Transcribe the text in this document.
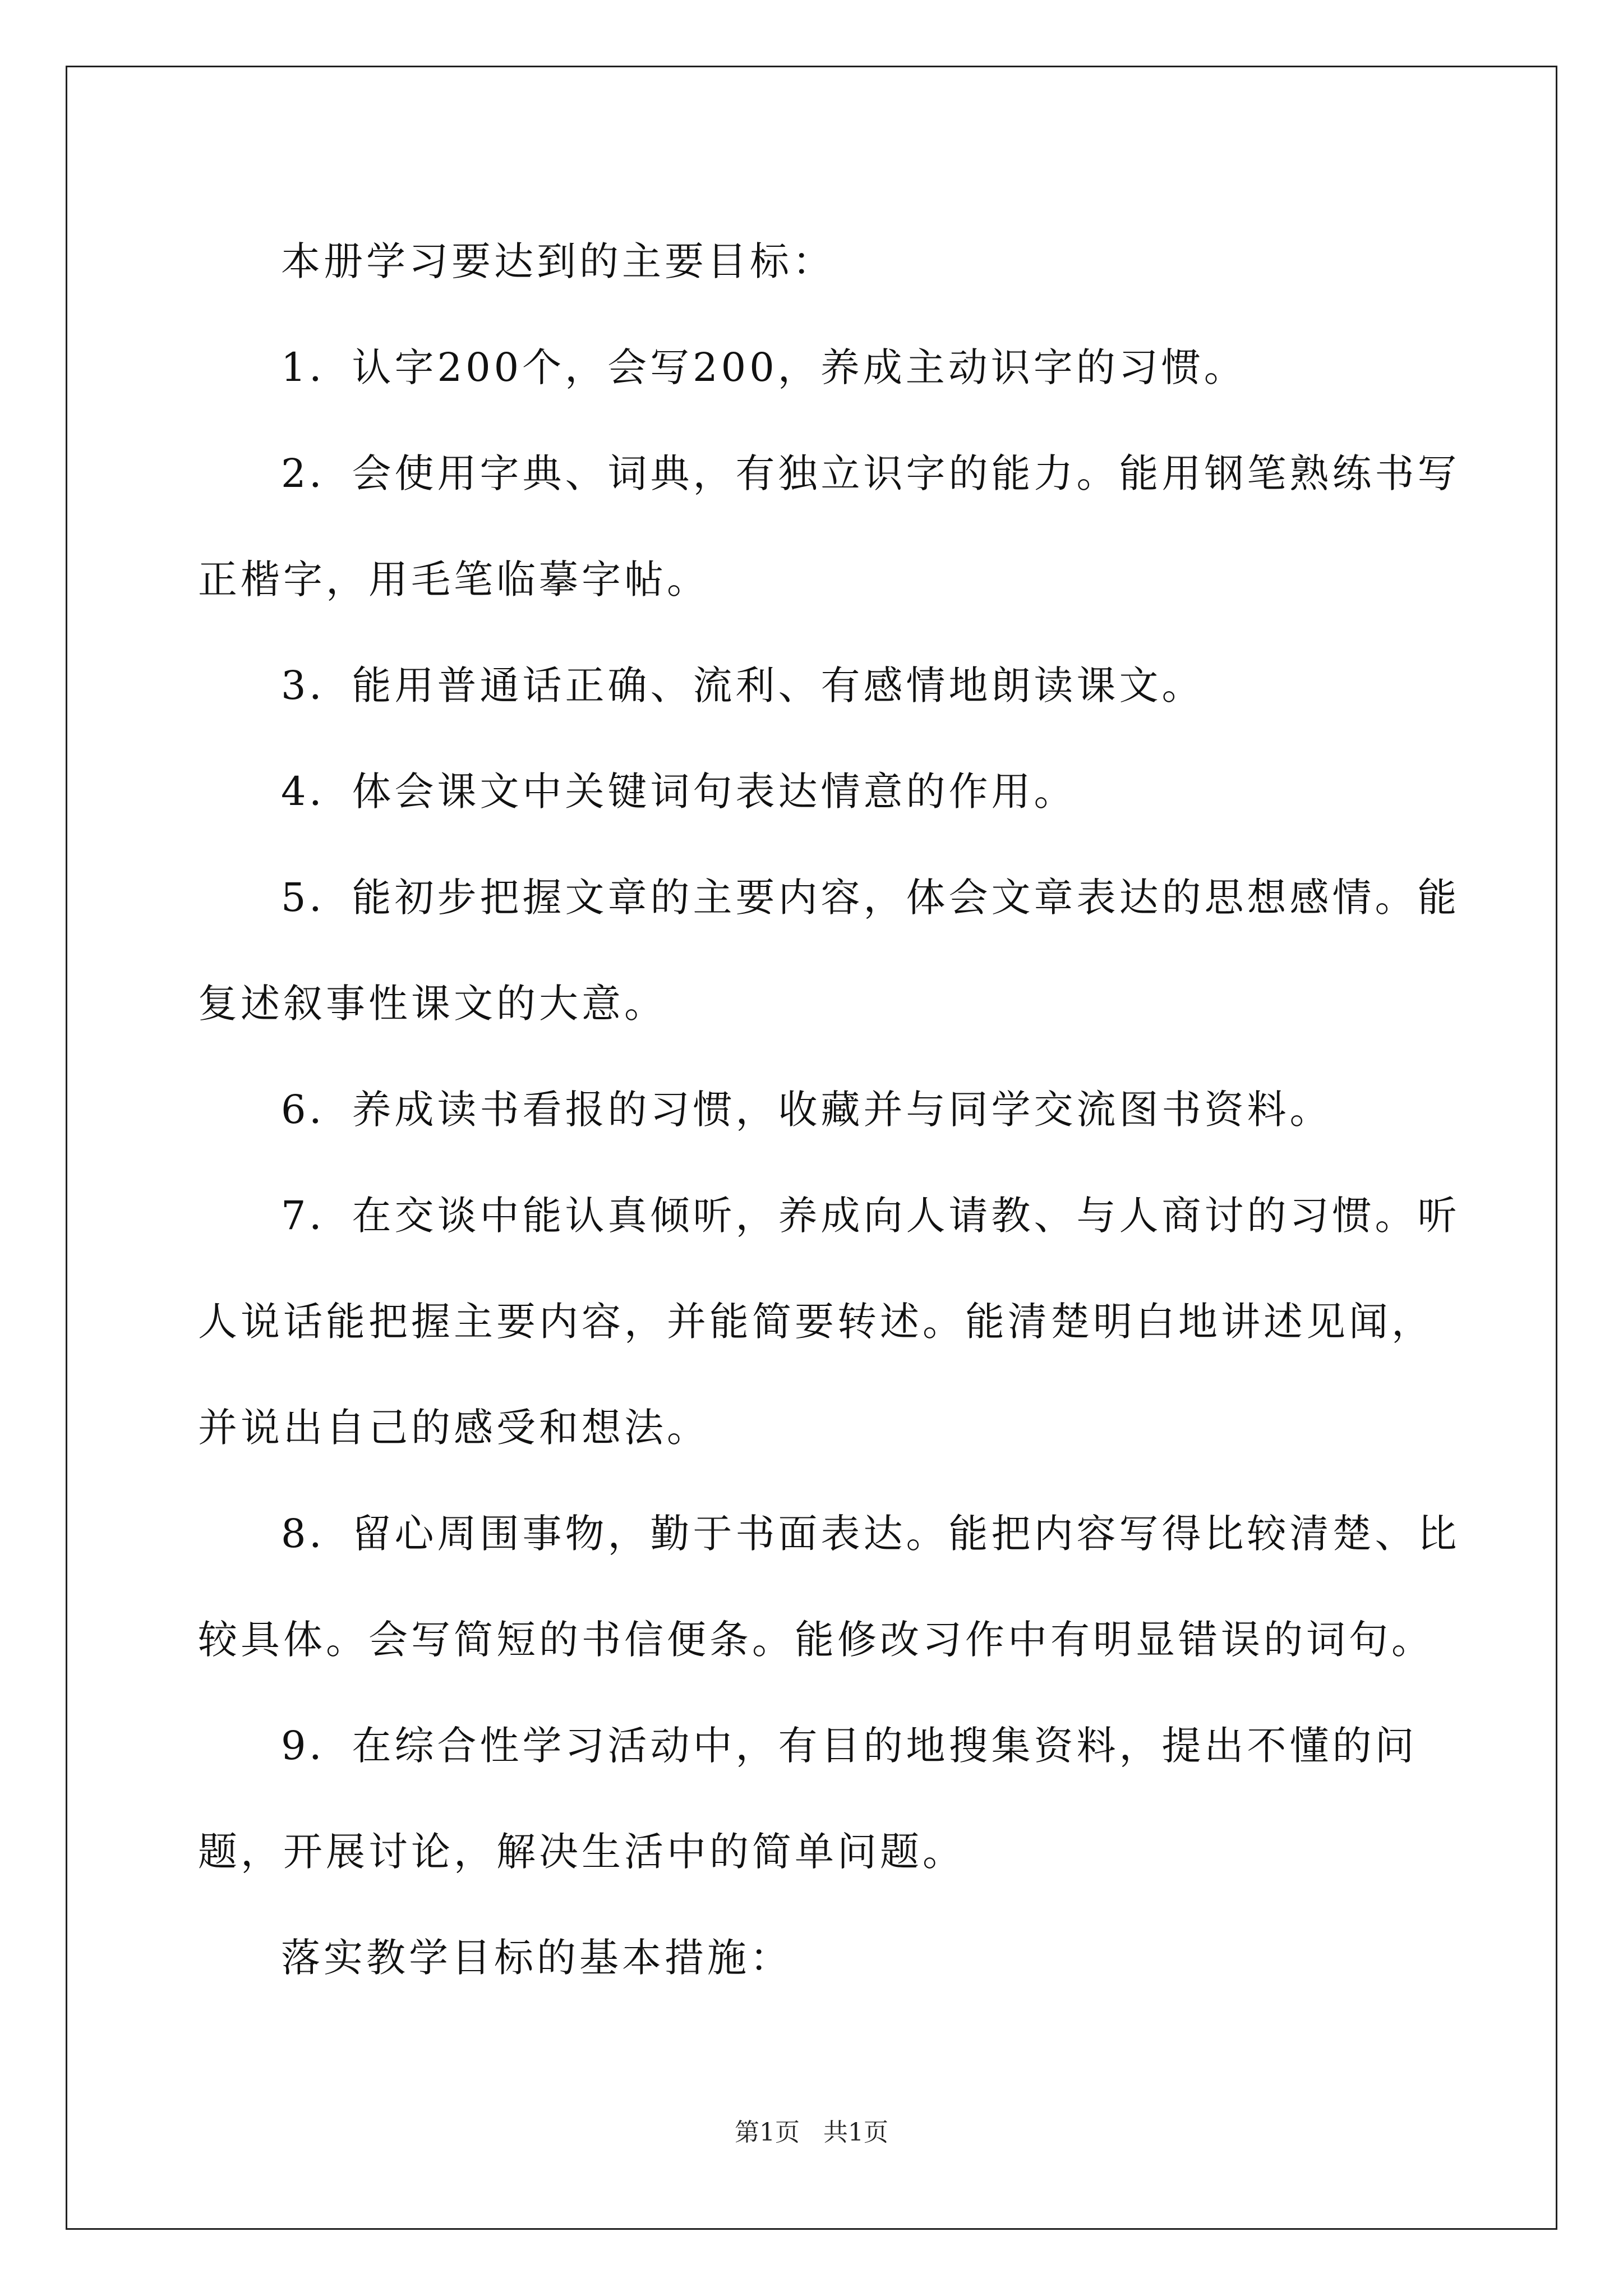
本册学习要达到的主要目标：

1．认字200个，会写200，养成主动识字的习惯。

2．会使用字典、词典，有独立识字的能力。能用钢笔熟练书写正楷字，用毛笔临摹字帖。

3．能用普通话正确、流利、有感情地朗读课文。

4．体会课文中关键词句表达情意的作用。

5．能初步把握文章的主要内容，体会文章表达的思想感情。能复述叙事性课文的大意。

6．养成读书看报的习惯，收藏并与同学交流图书资料。

7．在交谈中能认真倾听，养成向人请教、与人商讨的习惯。听人说话能把握主要内容，并能简要转述。能清楚明白地讲述见闻，并说出自己的感受和想法。

8．留心周围事物，勤于书面表达。能把内容写得比较清楚、比较具体。会写简短的书信便条。能修改习作中有明显错误的词句。

9．在综合性学习活动中，有目的地搜集资料，提出不懂的问题，开展讨论，解决生活中的简单问题。

落实教学目标的基本措施：

第1页 共1页
